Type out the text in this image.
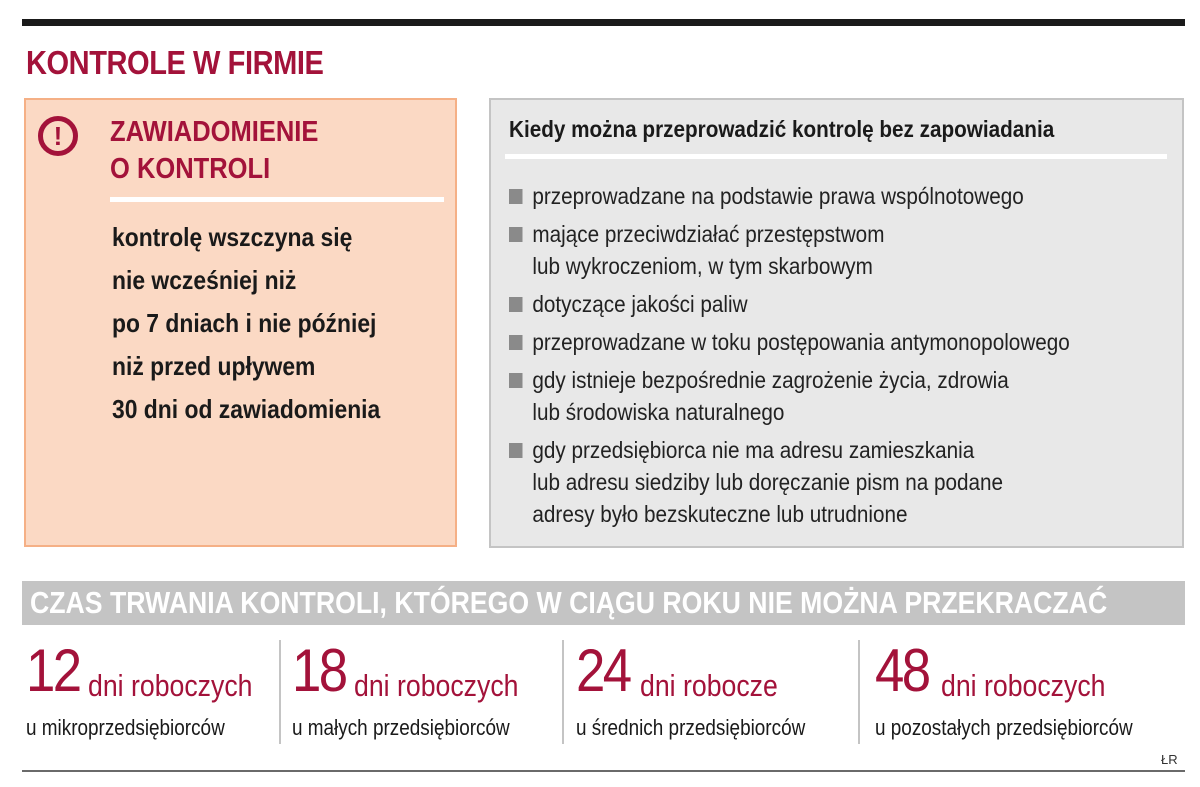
KONTROLE W FIRMIE
!	ZAWIADOMIENIE
O KONTROLI

kontrolę wszczyna się
nie wcześniej niż
po 7 dniach i nie później
niż przed upływem
30 dni od zawiadomienia

Kiedy można przeprowadzić kontrolę bez zapowiadania
przeprowadzane na podstawie prawa wspólnotowego
mające przeciwdziałać przestępstwom
lub wykroczeniom, w tym skarbowym
dotyczące jakości paliw
przeprowadzane w toku postępowania antymonopolowego
gdy istnieje bezpośrednie zagrożenie życia, zdrowia
lub środowiska naturalnego
gdy przedsiębiorca nie ma adresu zamieszkania
lub adresu siedziby lub doręczanie pism na podane
adresy było bezskuteczne lub utrudnione
CZAS TRWANIA KONTROLI, KTÓREGO W CIĄGU ROKU NIE MOŻNA PRZEKRACZAĆ
12 dni roboczych
u mikroprzedsiębiorców
18 dni roboczych
u małych przedsiębiorców
24 dni robocze
u średnich przedsiębiorców
48 dni roboczych
u pozostałych przedsiębiorców
ŁR
